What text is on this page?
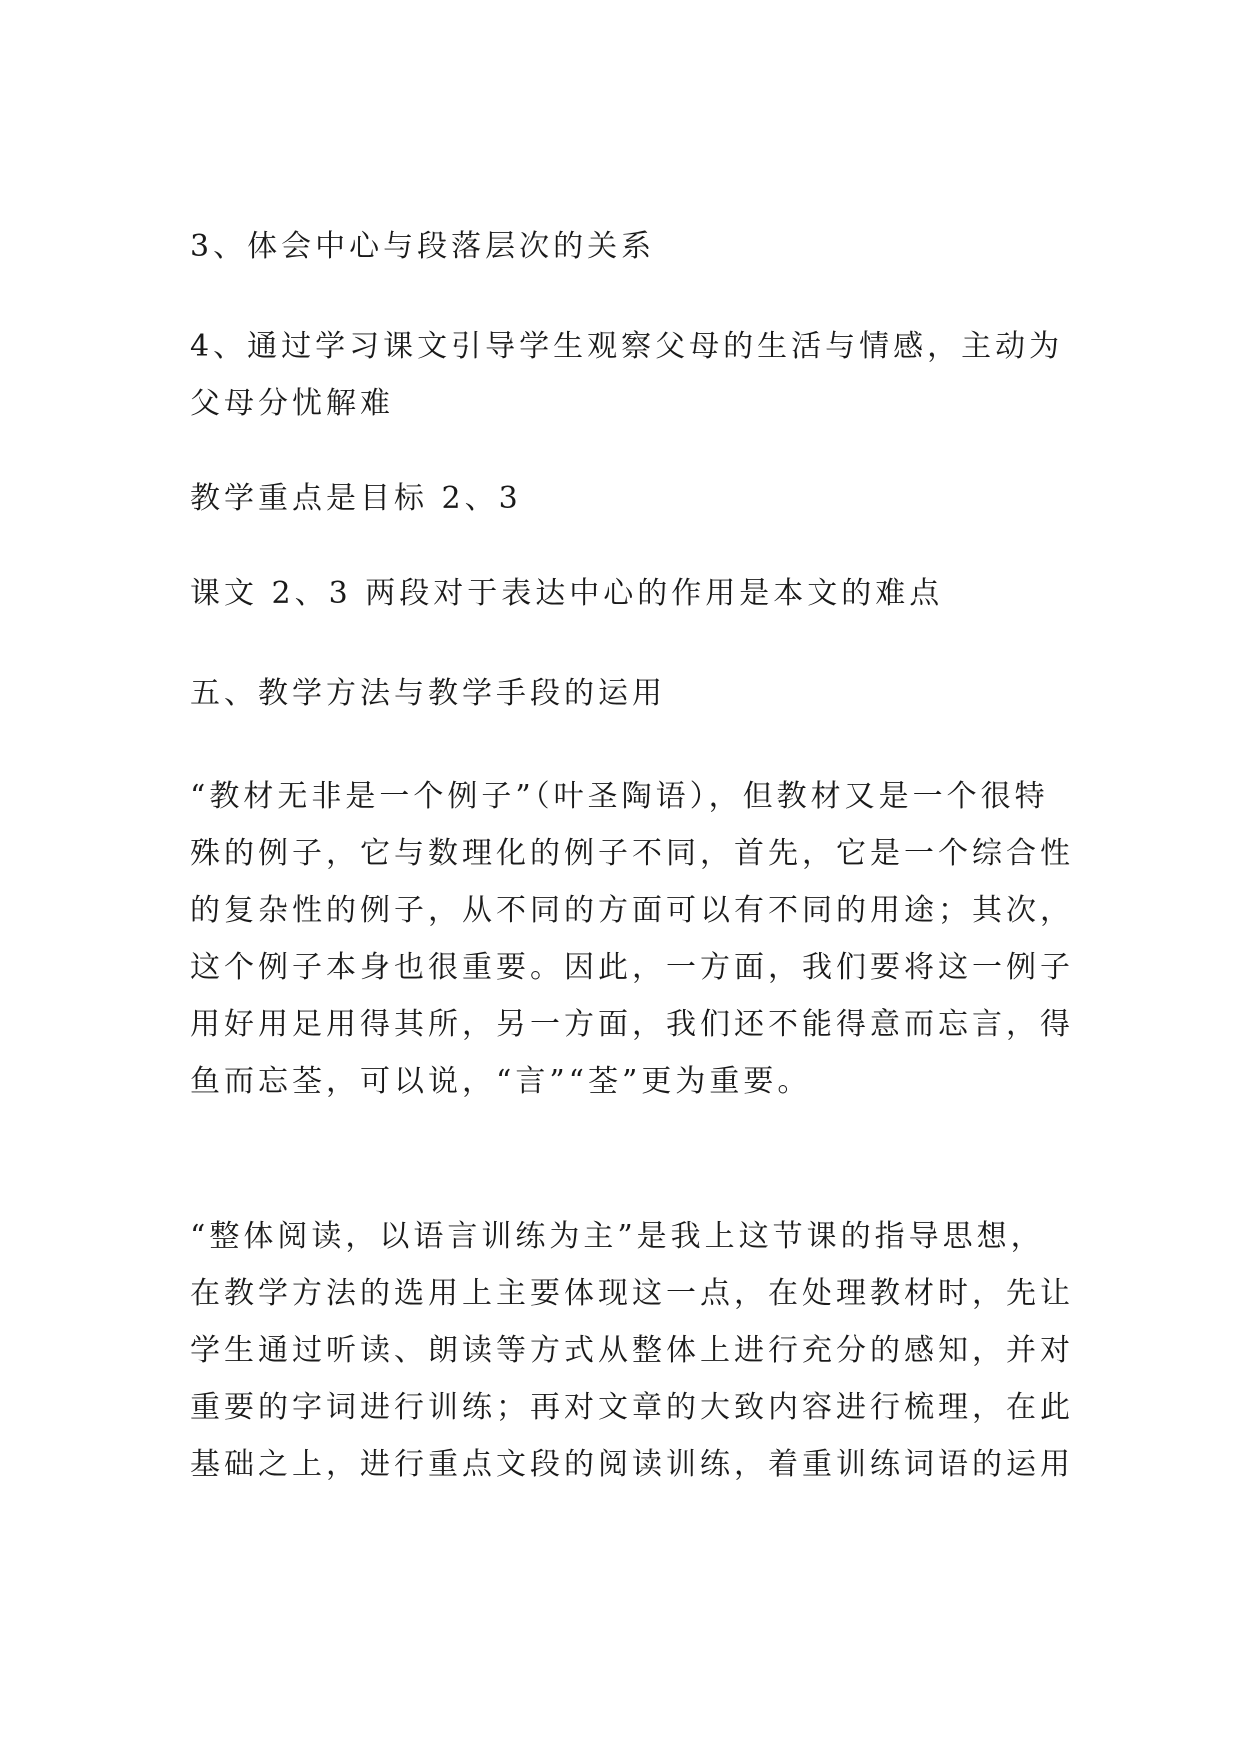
3、体会中心与段落层次的关系
4、通过学习课文引导学生观察父母的生活与情感，主动为
父母分忧解难
教学重点是目标 2、3
课文 2、3 两段对于表达中心的作用是本文的难点
五、教学方法与教学手段的运用
“教材无非是一个例子”（叶圣陶语），但教材又是一个很特
殊的例子，它与数理化的例子不同，首先，它是一个综合性
的复杂性的例子，从不同的方面可以有不同的用途；其次，
这个例子本身也很重要。因此，一方面，我们要将这一例子
用好用足用得其所，另一方面，我们还不能得意而忘言，得
鱼而忘荃，可以说，“言”“荃”更为重要。
“整体阅读，以语言训练为主”是我上这节课的指导思想，
在教学方法的选用上主要体现这一点，在处理教材时，先让
学生通过听读、朗读等方式从整体上进行充分的感知，并对
重要的字词进行训练；再对文章的大致内容进行梳理，在此
基础之上，进行重点文段的阅读训练，着重训练词语的运用
